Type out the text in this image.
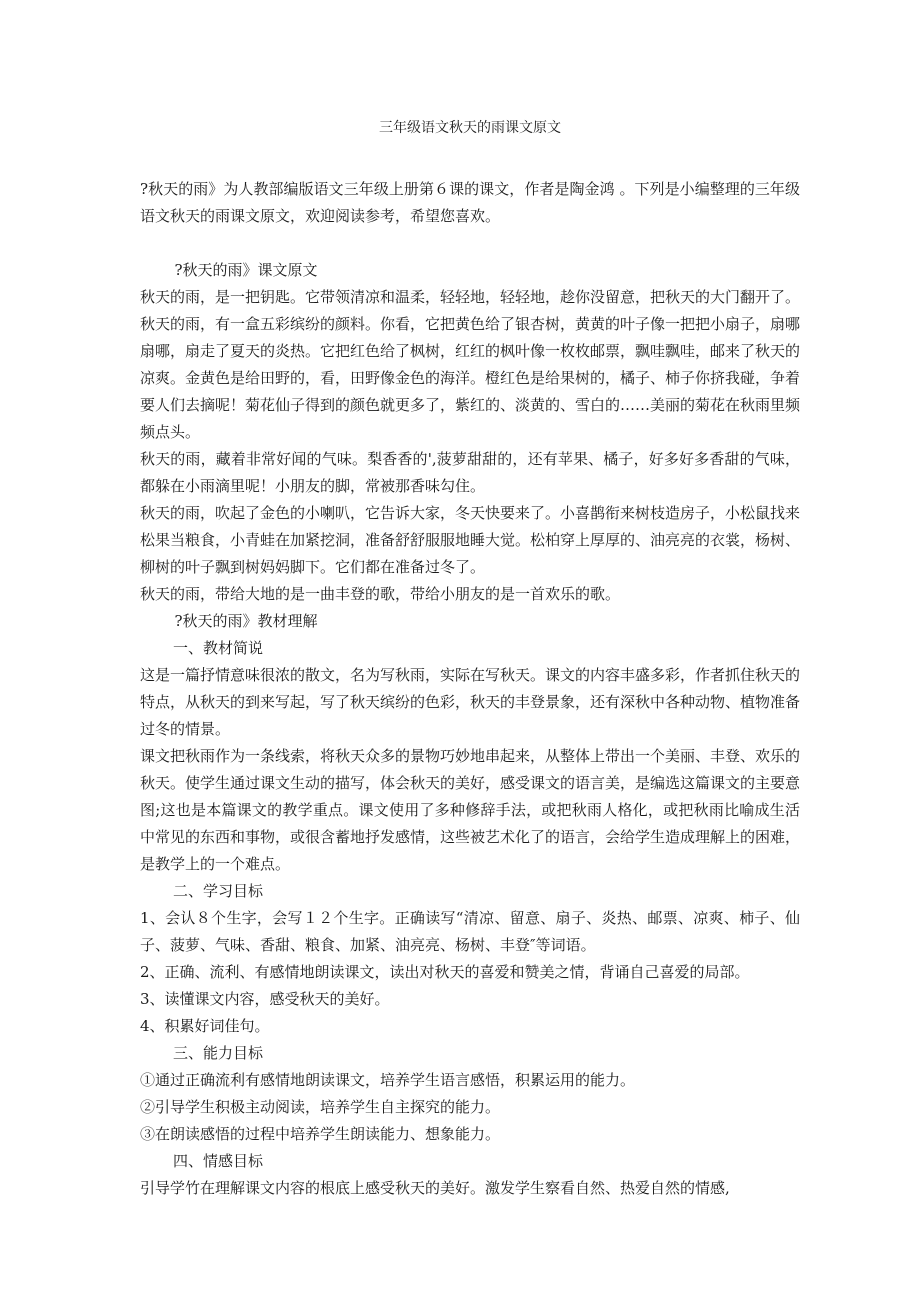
三年级语文秋天的雨课文原文

?秋天的雨》为人教部编版语文三年级上册第６课的课文，作者是陶金鸿 。下列是小编整理的三年级语文秋天的雨课文原文，欢迎阅读参考，希望您喜欢。

?秋天的雨》课文原文

秋天的雨，是一把钥匙。它带领清凉和温柔，轻轻地，轻轻地，趁你没留意，把秋天的大门翻开了。

秋天的雨，有一盒五彩缤纷的颜料。你看，它把黄色给了银杏树，黄黄的叶子像一把把小扇子，扇哪扇哪，扇走了夏天的炎热。它把红色给了枫树，红红的枫叶像一枚枚邮票，飘哇飘哇，邮来了秋天的凉爽。金黄色是给田野的，看，田野像金色的海洋。橙红色是给果树的，橘子、柿子你挤我碰，争着要人们去摘呢！菊花仙子得到的颜色就更多了，紫红的、淡黄的、雪白的……美丽的菊花在秋雨里频频点头。

秋天的雨，藏着非常好闻的气味。梨香香的',菠萝甜甜的，还有苹果、橘子，好多好多香甜的气味，都躲在小雨滴里呢！小朋友的脚，常被那香味勾住。

秋天的雨，吹起了金色的小喇叭，它告诉大家，冬天快要来了。小喜鹊衔来树枝造房子，小松鼠找来松果当粮食，小青蛙在加紧挖洞，准备舒舒服服地睡大觉。松柏穿上厚厚的、油亮亮的衣裳，杨树、柳树的叶子飘到树妈妈脚下。它们都在准备过冬了。

秋天的雨，带给大地的是一曲丰登的歌，带给小朋友的是一首欢乐的歌。

?秋天的雨》教材理解

一、教材简说

这是一篇抒情意味很浓的散文，名为写秋雨，实际在写秋天。课文的内容丰盛多彩，作者抓住秋天的特点，从秋天的到来写起，写了秋天缤纷的色彩，秋天的丰登景象，还有深秋中各种动物、植物准备过冬的情景。

课文把秋雨作为一条线索，将秋天众多的景物巧妙地串起来，从整体上带出一个美丽、丰登、欢乐的秋天。使学生通过课文生动的描写，体会秋天的美好，感受课文的语言美，是编选这篇课文的主要意图;这也是本篇课文的教学重点。课文使用了多种修辞手法，或把秋雨人格化，或把秋雨比喻成生活中常见的东西和事物，或很含蓄地抒发感情，这些被艺术化了的语言，会给学生造成理解上的困难，是教学上的一个难点。

二、学习目标

1、会认８个生字，会写１２个生字。正确读写“清凉、留意、扇子、炎热、邮票、凉爽、柿子、仙子、菠萝、气味、香甜、粮食、加紧、油亮亮、杨树、丰登″等词语。

2、正确、流利、有感情地朗读课文，读出对秋天的喜爱和赞美之情，背诵自己喜爱的局部。

3、读懂课文内容，感受秋天的美好。

4、积累好词佳句。

三、能力目标

①通过正确流利有感情地朗读课文，培养学生语言感悟，积累运用的能力。

②引导学生积极主动阅读，培养学生自主探究的能力。

③在朗读感悟的过程中培养学生朗读能力、想象能力。

四、情感目标

引导学竹在理解课文内容的根底上感受秋天的美好。激发学生察看自然、热爱自然的情感,
